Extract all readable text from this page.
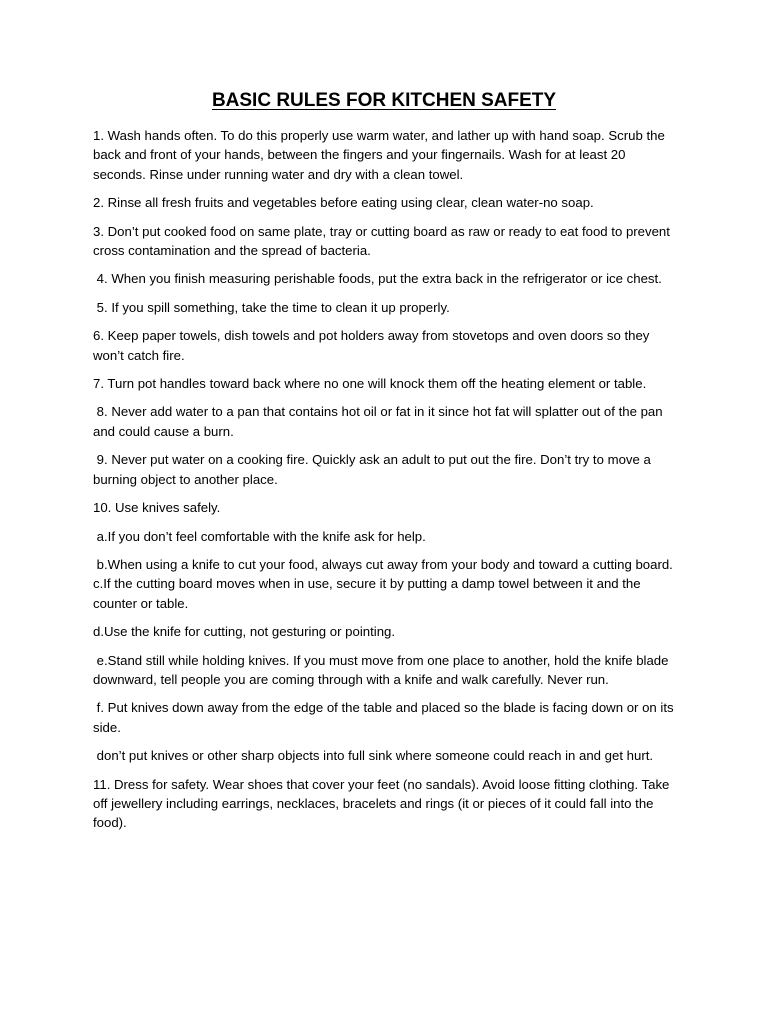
BASIC RULES FOR KITCHEN SAFETY

1. Wash hands often. To do this properly use warm water, and lather up with hand soap. Scrub the back and front of your hands, between the fingers and your fingernails. Wash for at least 20 seconds. Rinse under running water and dry with a clean towel.

2. Rinse all fresh fruits and vegetables before eating using clear, clean water-no soap.

3. Don’t put cooked food on same plate, tray or cutting board as raw or ready to eat food to prevent cross contamination and the spread of bacteria.

4. When you finish measuring perishable foods, put the extra back in the refrigerator or ice chest.

5. If you spill something, take the time to clean it up properly.

6. Keep paper towels, dish towels and pot holders away from stovetops and oven doors so they won’t catch fire.

7. Turn pot handles toward back where no one will knock them off the heating element or table.

8. Never add water to a pan that contains hot oil or fat in it since hot fat will splatter out of the pan and could cause a burn.

9. Never put water on a cooking fire. Quickly ask an adult to put out the fire. Don’t try to move a burning object to another place.

10. Use knives safely.

a.If you don’t feel comfortable with the knife ask for help.

b.When using a knife to cut your food, always cut away from your body and toward a cutting board. c.If the cutting board moves when in use, secure it by putting a damp towel between it and the counter or table.

d.Use the knife for cutting, not gesturing or pointing.

e.Stand still while holding knives. If you must move from one place to another, hold the knife blade downward, tell people you are coming through with a knife and walk carefully. Never run.

f. Put knives down away from the edge of the table and placed so the blade is facing down or on its side.

don’t put knives or other sharp objects into full sink where someone could reach in and get hurt.

11. Dress for safety. Wear shoes that cover your feet (no sandals). Avoid loose fitting clothing. Take off jewellery including earrings, necklaces, bracelets and rings (it or pieces of it could fall into the food).
